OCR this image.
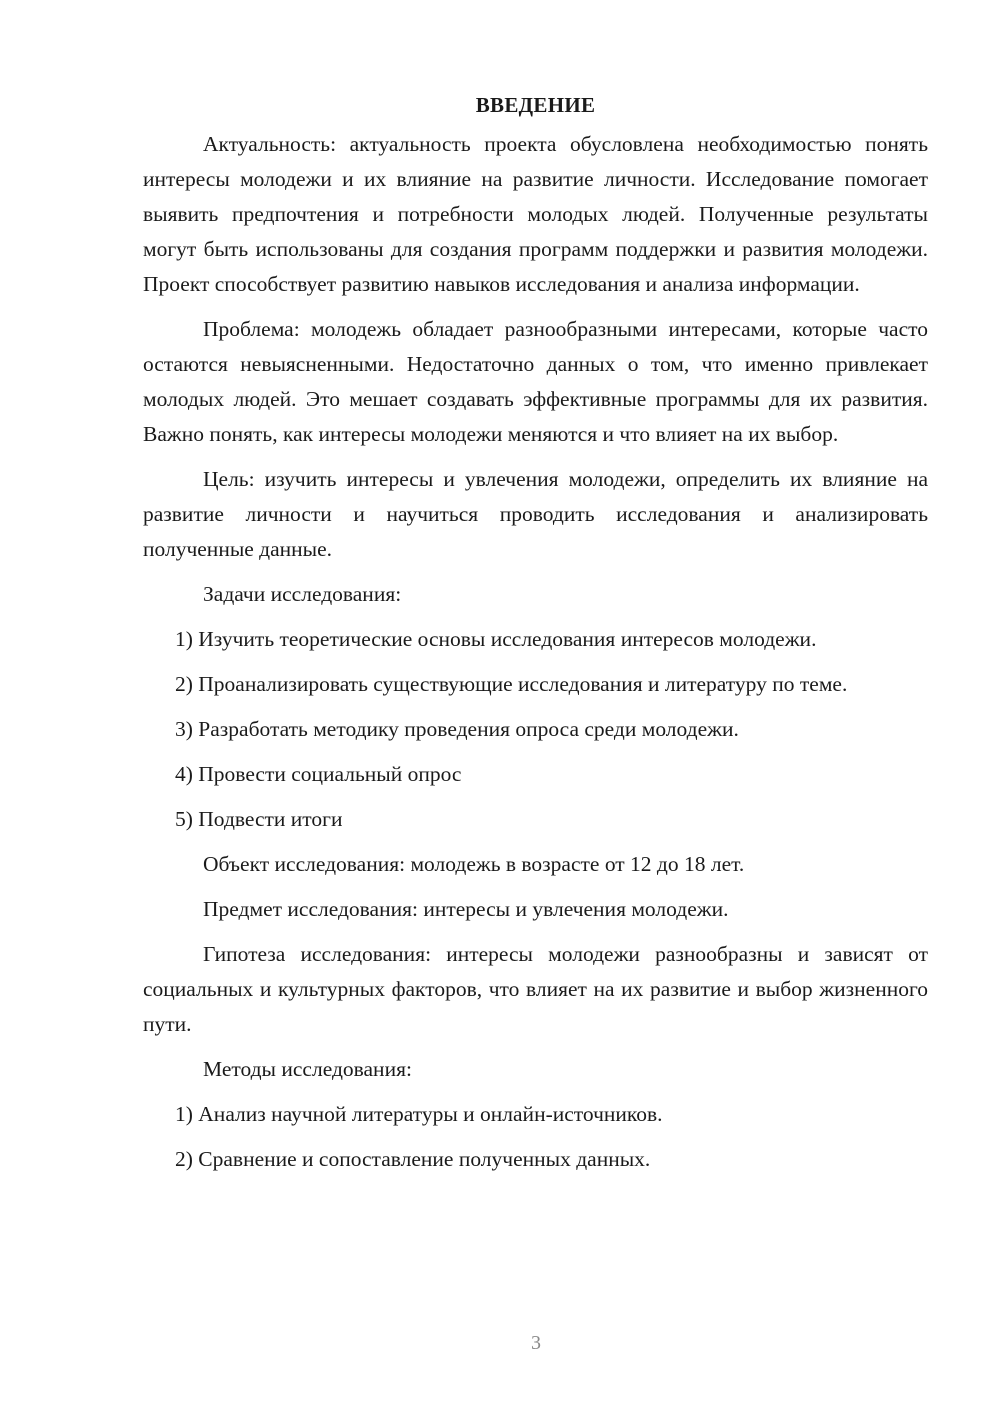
ВВЕДЕНИЕ

Актуальность: актуальность проекта обусловлена необходимостью понять интересы молодежи и их влияние на развитие личности. Исследование помогает выявить предпочтения и потребности молодых людей. Полученные результаты могут быть использованы для создания программ поддержки и развития молодежи. Проект способствует развитию навыков исследования и анализа информации.

Проблема: молодежь обладает разнообразными интересами, которые часто остаются невыясненными. Недостаточно данных о том, что именно привлекает молодых людей. Это мешает создавать эффективные программы для их развития. Важно понять, как интересы молодежи меняются и что влияет на их выбор.

Цель: изучить интересы и увлечения молодежи, определить их влияние на развитие личности и научиться проводить исследования и анализировать полученные данные.

Задачи исследования:

1) Изучить теоретические основы исследования интересов молодежи.

2) Проанализировать существующие исследования и литературу по теме.

3) Разработать методику проведения опроса среди молодежи.

4) Провести социальный опрос

5) Подвести итоги

Объект исследования: молодежь в возрасте от 12 до 18 лет.

Предмет исследования: интересы и увлечения молодежи.

Гипотеза исследования: интересы молодежи разнообразны и зависят от социальных и культурных факторов, что влияет на их развитие и выбор жизненного пути.

Методы исследования:

1) Анализ научной литературы и онлайн-источников.

2) Сравнение и сопоставление полученных данных.

3
